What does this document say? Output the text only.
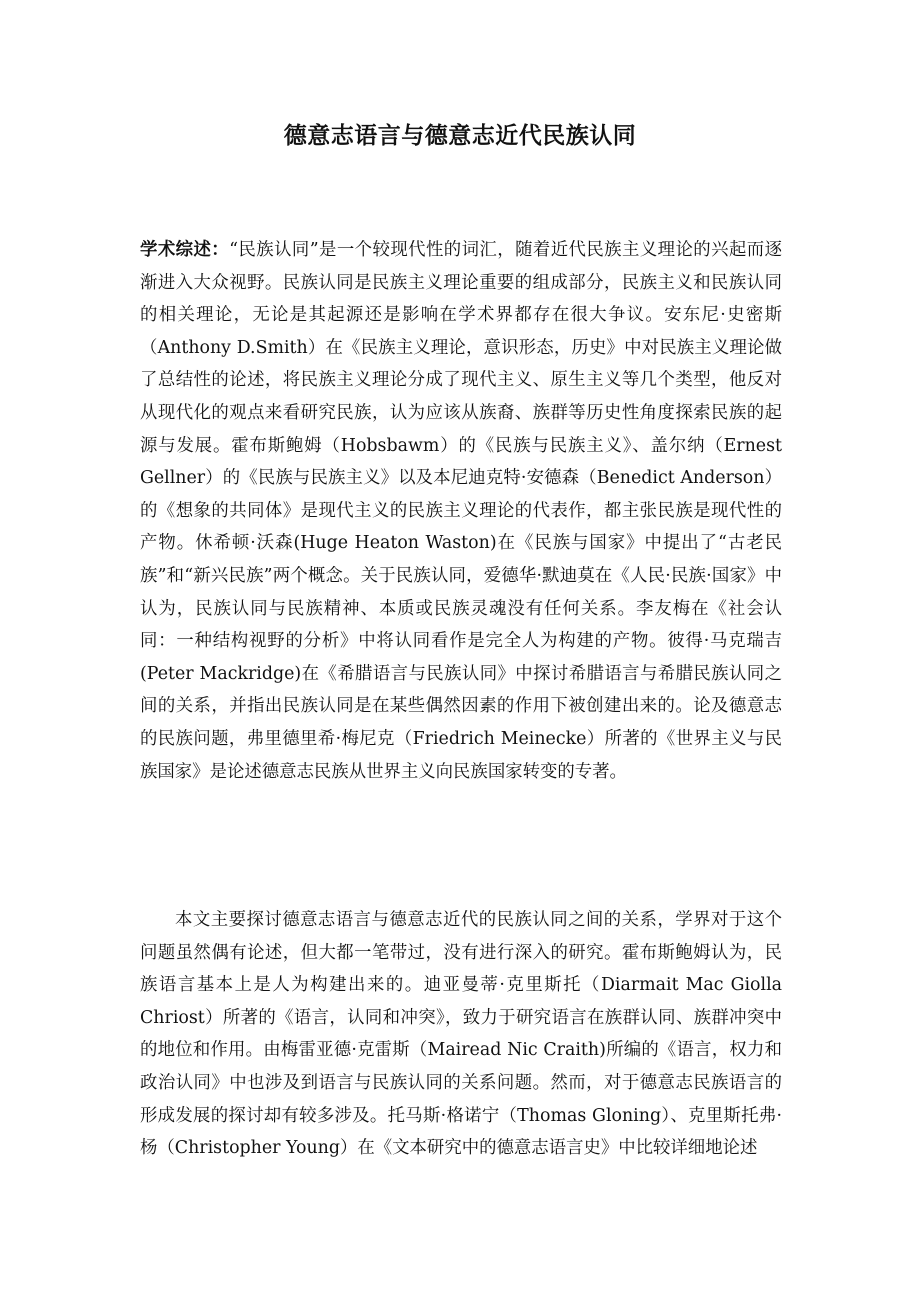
德意志语言与德意志近代民族认同

学术综述：“民族认同”是一个较现代性的词汇，随着近代民族主义理论的兴起而逐渐进入大众视野。民族认同是民族主义理论重要的组成部分，民族主义和民族认同的相关理论，无论是其起源还是影响在学术界都存在很大争议。安东尼·史密斯（Anthony D.Smith）在《民族主义理论，意识形态，历史》中对民族主义理论做了总结性的论述，将民族主义理论分成了现代主义、原生主义等几个类型，他反对从现代化的观点来看研究民族，认为应该从族裔、族群等历史性角度探索民族的起源与发展。霍布斯鲍姆（Hobsbawm）的《民族与民族主义》、盖尔纳（Ernest Gellner）的《民族与民族主义》以及本尼迪克特·安德森（Benedict Anderson）的《想象的共同体》是现代主义的民族主义理论的代表作，都主张民族是现代性的产物。休希顿·沃森(Huge Heaton Waston)在《民族与国家》中提出了“古老民族”和“新兴民族”两个概念。关于民族认同，爱德华·默迪莫在《人民·民族·国家》中认为，民族认同与民族精神、本质或民族灵魂没有任何关系。李友梅在《社会认同：一种结构视野的分析》中将认同看作是完全人为构建的产物。彼得·马克瑞吉(Peter Mackridge)在《希腊语言与民族认同》中探讨希腊语言与希腊民族认同之间的关系，并指出民族认同是在某些偶然因素的作用下被创建出来的。论及德意志的民族问题，弗里德里希·梅尼克（Friedrich Meinecke）所著的《世界主义与民族国家》是论述德意志民族从世界主义向民族国家转变的专著。

本文主要探讨德意志语言与德意志近代的民族认同之间的关系，学界对于这个问题虽然偶有论述，但大都一笔带过，没有进行深入的研究。霍布斯鲍姆认为，民族语言基本上是人为构建出来的。迪亚曼蒂·克里斯托（Diarmait Mac Giolla Chriost）所著的《语言，认同和冲突》，致力于研究语言在族群认同、族群冲突中的地位和作用。由梅雷亚德·克雷斯（Mairead Nic Craith)所编的《语言，权力和政治认同》中也涉及到语言与民族认同的关系问题。然而，对于德意志民族语言的形成发展的探讨却有较多涉及。托马斯·格诺宁（Thomas Gloning）、克里斯托弗·杨（Christopher Young）在《文本研究中的德意志语言史》中比较详细地论述
